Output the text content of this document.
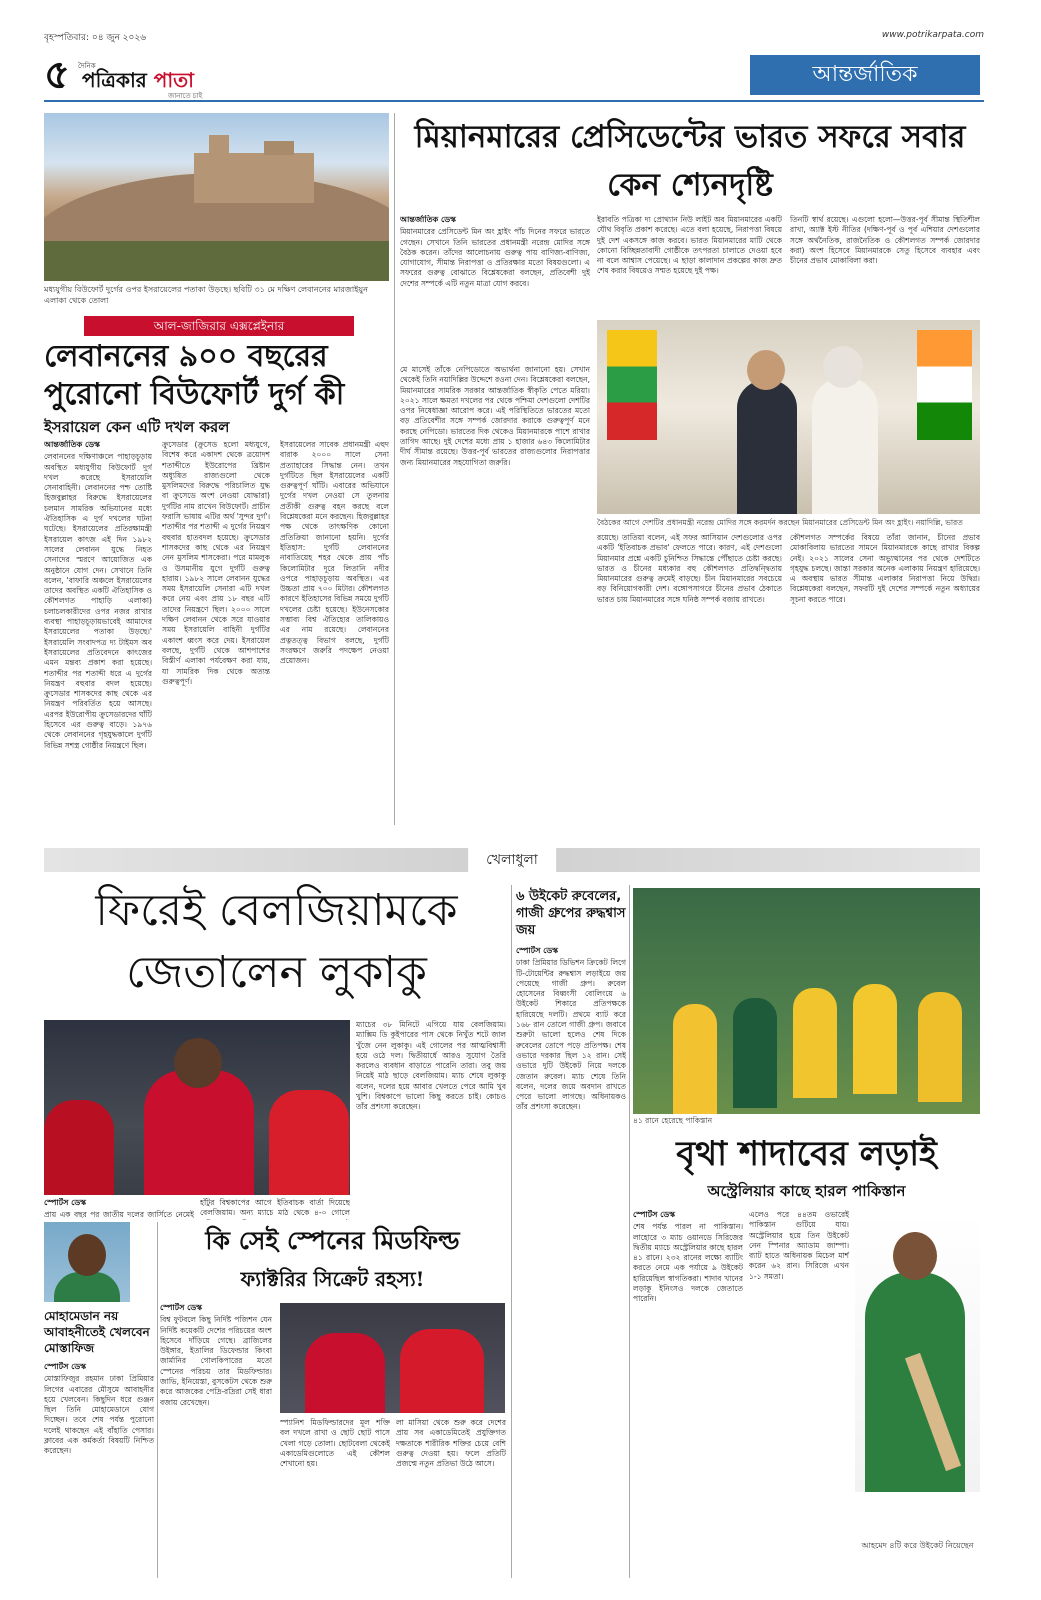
বৃহস্পতিবার: ০৪ জুন ২০২৬	www.potrikarpata.com
৫ দৈনিক
পত্রিকার পাতা
জানাতে চাই
আন্তর্জাতিক
মধ্যযুগীয় বিউফোর্ট দুর্গের ওপর ইসরায়েলের পতাকা উড়ছে। ছবিটি ৩১ মে দক্ষিণ লেবাননের মারজাইয়ুন এলাকা থেকে তোলা
আল-জাজিরার এক্সপ্লেইনার
লেবাননের ৯০০ বছরের পুরোনো বিউফোর্ট দুর্গ কী
ইসরায়েল কেন এটি দখল করল
আন্তর্জাতিক ডেস্ক
লেবাননের দক্ষিণাঞ্চলে পাহাড়চূড়ায় অবস্থিত মধ্যযুগীয় বিউফোর্ট দুর্গ দখল করেছে ইসরায়েলি সেনাবাহিনী। লেবাননের পশ্চ তোষ্টি হিজবুল্লাহর বিরুদ্ধে ইসরায়েলের চলমান সামরিক অভিযানের মধ্যে ঐতিহাসিক এ দুর্গ দখলের ঘটনা ঘটেছে। ইসরায়েলের প্রতিরক্ষামন্ত্রী ইসরায়েল কাৎজ এই দিন ১৯৮২ সালের লেবানন যুদ্ধে নিহত সেনাদের স্মরণে আয়োজিত এক অনুষ্ঠানে যোগ দেন। সেখানে তিনি বলেন, 'বাফারি অঞ্চলে ইসরায়েলের তাদের অবস্থিত একটি ঐতিহাসিক ও কৌশলগত পাহাড়ি এলাকা) চলাচলকারীদের ওপর নজর রাখার ব্যবস্থা পাহাড়চূড়ায়ভাবেই আমাদের ইসরায়েলের পতাকা উড়ছে।' ইসরায়েলি সংবাদপত্র দ্য টাইমস অব ইসরায়েলের প্রতিবেদনে কাৎজের এমন মন্তব্য প্রকাশ করা হয়েছে। শতাব্দীর পর শতাব্দী ধরে এ দুর্গের নিয়ন্ত্রণ বহুবার বদল হয়েছে। ক্রুসেডার শাসকদের কাছ থেকে এর নিয়ন্ত্রণ পরিবর্তিত হয়ে আসছে। এরপর ইউরোপীয় ক্রুসেডারদের ঘাঁটি হিসেবে এর গুরুত্ব বাড়ে। ১৯৭৬ থেকে লেবাননের গৃহযুদ্ধকালে দুর্গটি বিভিন্ন সশস্ত্র গোষ্ঠীর নিয়ন্ত্রণে ছিল।
ক্রুসেডার (ক্রুসেড হলো মধ্যযুগে, বিশেষ করে একাদশ থেকে ত্রয়োদশ শতাব্দীতে ইউরোপের খ্রিষ্টান অধ্যুষিত রাজ্যগুলো থেকে মুসলিমদের বিরুদ্ধে পরিচালিত যুদ্ধ বা ক্রুসেডে অংশ নেওয়া যোদ্ধারা) দুর্গটির নাম রাখেন বিউফোর্ট। প্রাচীন ফরাসি ভাষায় এটির অর্থ 'সুন্দর দুর্গ'। শতাব্দীর পর শতাব্দী এ দুর্গের নিয়ন্ত্রণ বহুবার হাতবদল হয়েছে। ক্রুসেডার শাসকদের কাছ থেকে এর নিয়ন্ত্রণ নেন মুসলিম শাসকেরা। পরে মামলুক ও উসমানীয় যুগে দুর্গটি গুরুত্ব হারায়। ১৯৮২ সালে লেবানন যুদ্ধের সময় ইসরায়েলি সেনারা এটি দখল করে নেয় এবং প্রায় ১৮ বছর এটি তাদের নিয়ন্ত্রণে ছিল। ২০০০ সালে দক্ষিণ লেবানন থেকে সরে যাওয়ার সময় ইসরায়েলি বাহিনী দুর্গটির একাংশ ধ্বংস করে দেয়। ইসরায়েল বলছে, দুর্গটি থেকে আশপাশের বিস্তীর্ণ এলাকা পর্যবেক্ষণ করা যায়, যা সামরিক দিক থেকে অত্যন্ত গুরুত্বপূর্ণ।
ইসরায়েলের সাবেক প্রধানমন্ত্রী এহুদ বারাক ২০০০ সালে সেনা প্রত্যাহারের সিদ্ধান্ত নেন। তখন দুর্গটিতে ছিল ইসরায়েলের একটি গুরুত্বপূর্ণ ঘাঁটি। এবারের অভিযানে দুর্গের দখল নেওয়া সে তুলনায় প্রতীকী গুরুত্ব বহন করছে বলে বিশ্লেষকেরা মনে করছেন। হিজবুল্লাহর পক্ষ থেকে তাৎক্ষণিক কোনো প্রতিক্রিয়া জানানো হয়নি। দুর্গের ইতিহাস: দুর্গটি লেবাননের নাবাতিয়েহ শহর থেকে প্রায় পাঁচ কিলোমিটার দূরে লিতানি নদীর ওপরে পাহাড়চূড়ায় অবস্থিত। এর উচ্চতা প্রায় ৭০০ মিটার। কৌশলগত কারণে ইতিহাসের বিভিন্ন সময়ে দুর্গটি দখলের চেষ্টা হয়েছে। ইউনেসকোর সম্ভাব্য বিশ্ব ঐতিহ্যের তালিকায়ও এর নাম রয়েছে। লেবাননের প্রত্নতত্ত্ব বিভাগ বলছে, দুর্গটি সংরক্ষণে জরুরি পদক্ষেপ নেওয়া প্রয়োজন।
মিয়ানমারের প্রেসিডেন্টের ভারত সফরে সবার কেন শ্যেনদৃষ্টি
আন্তর্জাতিক ডেস্ক
মিয়ানমারের প্রেসিডেন্ট মিন অং হ্লাইং পাঁচ দিনের সফরে ভারতে গেছেন। সেখানে তিনি ভারতের প্রধানমন্ত্রী নরেন্দ্র মোদির সঙ্গে বৈঠক করেন। তাঁদের আলোচনায় গুরুত্ব পায় বাণিজ্য-বাণিজ্য, যোগাযোগ, সীমান্ত নিরাপত্তা ও প্রতিরক্ষার মতো বিষয়গুলো। এ সফরের গুরুত্ব বোঝাতে বিশ্লেষকেরা বলছেন, প্রতিবেশী দুই দেশের সম্পর্কে এটি নতুন মাত্রা যোগ করবে।
ইরাবতি পত্রিকা দ্য প্রোথ্যান নিউ লাইট অব মিয়ানমারের একটি যৌথ বিবৃতি প্রকাশ করেছে। এতে বলা হয়েছে, নিরাপত্তা বিষয়ে দুই দেশ একসঙ্গে কাজ করবে। ভারত মিয়ানমারের মাটি থেকে কোনো বিচ্ছিন্নতাবাদী গোষ্ঠীকে তৎপরতা চালাতে দেওয়া হবে না বলে আশ্বাস পেয়েছে। এ ছাড়া কালাদান প্রকল্পের কাজ দ্রুত শেষ করার বিষয়েও সম্মত হয়েছে দুই পক্ষ।
তিনটি স্বার্থ রয়েছে। এগুলো হলো—উত্তর-পূর্ব সীমান্ত স্থিতিশীল রাখা, অ্যাক্ট ইস্ট নীতির (দক্ষিণ-পূর্ব ও পূর্ব এশিয়ার দেশগুলোর সঙ্গে অর্থনৈতিক, রাজনৈতিক ও কৌশলগত সম্পর্ক জোরদার করা) অংশ হিসেবে মিয়ানমারকে সেতু হিসেবে ব্যবহার এবং চীনের প্রভাব মোকাবিলা করা।
বৈঠকের আগে দেশটির প্রধানমন্ত্রী নরেন্দ্র মোদির সঙ্গে করমর্দন করছেন মিয়ানমারের প্রেসিডেন্ট মিন অং হ্লাইং। নয়াদিল্লি, ভারত
মে মাসেই তাঁকে নেপিডোতে অভ্যর্থনা জানানো হয়। সেখান থেকেই তিনি নয়াদিল্লির উদ্দেশে রওনা দেন। বিশ্লেষকেরা বলছেন, মিয়ানমারের সামরিক সরকার আন্তর্জাতিক স্বীকৃতি পেতে মরিয়া। ২০২১ সালে ক্ষমতা দখলের পর থেকে পশ্চিমা দেশগুলো দেশটির ওপর নিষেধাজ্ঞা আরোপ করে। এই পরিস্থিতিতে ভারতের মতো বড় প্রতিবেশীর সঙ্গে সম্পর্ক জোরদার করাকে গুরুত্বপূর্ণ মনে করছে নেপিডো। ভারতের দিক থেকেও মিয়ানমারকে পাশে রাখার তাগিদ আছে। দুই দেশের মধ্যে প্রায় ১ হাজার ৬৪৩ কিলোমিটার দীর্ঘ সীমান্ত রয়েছে। উত্তর-পূর্ব ভারতের রাজ্যগুলোর নিরাপত্তার জন্য মিয়ানমারের সহযোগিতা জরুরি।
রয়েছে। তাতিয়া বলেন, এই সফর আসিয়ান দেশগুলোর ওপর একটি 'ইতিবাচক প্রভাব' ফেলতে পারে। কারণ, এই দেশগুলো মিয়ানমার প্রশ্নে একটি চুনিশ্চিত সিদ্ধান্তে পৌঁছাতে চেষ্টা করছে। ভারত ও চীনের মধ্যকার বহু কৌশলগত প্রতিদ্বন্দ্বিতায় মিয়ানমারের গুরুত্ব ক্রমেই বাড়ছে। চীন মিয়ানমারের সবচেয়ে বড় বিনিয়োগকারী দেশ। বঙ্গোপসাগরে চীনের প্রভাব ঠেকাতে ভারত চায় মিয়ানমারের সঙ্গে ঘনিষ্ঠ সম্পর্ক বজায় রাখতে।
কৌশলগত সম্পর্কের বিষয়ে তাঁরা জানান, চীনের প্রভাব মোকাবিলায় ভারতের সামনে মিয়ানমারকে কাছে রাখার বিকল্প নেই। ২০২১ সালের সেনা অভ্যুত্থানের পর থেকে দেশটিতে গৃহযুদ্ধ চলছে। জান্তা সরকার অনেক এলাকায় নিয়ন্ত্রণ হারিয়েছে। এ অবস্থায় ভারত সীমান্ত এলাকার নিরাপত্তা নিয়ে উদ্বিগ্ন। বিশ্লেষকেরা বলছেন, সফরটি দুই দেশের সম্পর্কে নতুন অধ্যায়ের সূচনা করতে পারে।
খেলাধুলা
ফিরেই বেলজিয়ামকে জেতালেন লুকাকু
ম্যাচের ৩৮ মিনিটে এগিয়ে যায় বেলজিয়াম। ম্যাক্সিম ডি কুইপারের পাস থেকে নিখুঁত শটে জাল খুঁজে নেন লুকাকু। এই গোলের পর আত্মবিশ্বাসী হয়ে ওঠে দল। দ্বিতীয়ার্ধে আরও সুযোগ তৈরি করলেও ব্যবধান বাড়াতে পারেনি তারা। তবু জয় নিয়েই মাঠ ছাড়ে বেলজিয়াম। ম্যাচ শেষে লুকাকু বলেন, দলের হয়ে আবার খেলতে পেরে আমি খুব খুশি। বিশ্বকাপে ভালো কিছু করতে চাই। কোচও তাঁর প্রশংসা করেছেন।
স্পোর্টস ডেস্ক
প্রায় এক বছর পর জাতীয় দলের জার্সিতে নেমেই
হাঁটুর বিশ্বকাপের আগে ইতিবাচক বার্তা দিয়েছে বেলজিয়াম। অন্য ম্যাচে মাঠ থেকে ৪-০ গোলে
৬ উইকেট রুবেলের, গাজী গ্রুপের রুদ্ধশ্বাস জয়
স্পোর্টস ডেস্ক
ঢাকা প্রিমিয়ার ডিভিশন ক্রিকেট লিগে টি-টোয়েন্টির রুদ্ধশ্বাস লড়াইয়ে জয় পেয়েছে গাজী গ্রুপ। রুবেল হোসেনের বিধ্বংসী বোলিংয়ে ৬ উইকেট শিকারে প্রতিপক্ষকে হারিয়েছে দলটি। প্রথমে ব্যাট করে ১৬৮ রান তোলে গাজী গ্রুপ। জবাবে শুরুটা ভালো হলেও শেষ দিকে রুবেলের তোপে পড়ে প্রতিপক্ষ। শেষ ওভারে দরকার ছিল ১২ রান। সেই ওভারে দুটি উইকেট নিয়ে দলকে জেতান রুবেল। ম্যাচ শেষে তিনি বলেন, দলের জয়ে অবদান রাখতে পেরে ভালো লাগছে। অধিনায়কও তাঁর প্রশংসা করেছেন।
৪১ রানে হেরেছে পাকিস্তান
বৃথা শাদাবের লড়াই
অস্ট্রেলিয়ার কাছে হারল পাকিস্তান
স্পোর্টস ডেস্ক
শেষ পর্যন্ত পারল না পাকিস্তান। লাহোরে ৩ ম্যাচ ওয়ানডে সিরিজের দ্বিতীয় ম্যাচে অস্ট্রেলিয়ার কাছে হারল ৪১ রানে। ২৩২ রানের লক্ষ্যে ব্যাটিং করতে নেমে এক পর্যায়ে ৯ উইকেট হারিয়েছিল স্বাগতিকরা। শাদাব খানের লড়াকু ইনিংসও দলকে জেতাতে পারেনি।
এলেও পরে ৪৪তম ওভারেই পাকিস্তান গুটিয়ে যায়। অস্ট্রেলিয়ার হয়ে তিন উইকেট নেন স্পিনার অ্যাডাম জাম্পা। ব্যাট হাতে অধিনায়ক মিচেল মার্শ করেন ৬২ রান। সিরিজে এখন ১-১ সমতা।
আহমেদ ৪টি করে উইকেট নিয়েছেন
মোহামেডান নয় আবাহনীতেই খেলবেন মোস্তাফিজ
স্পোর্টস ডেস্ক
মোস্তাফিজুর রহমান ঢাকা প্রিমিয়ার লিগের এবারের মৌসুমে আবাহনীর হয়ে খেলবেন। কিছুদিন ধরে গুঞ্জন ছিল তিনি মোহামেডানে যোগ দিচ্ছেন। তবে শেষ পর্যন্ত পুরোনো দলেই থাকছেন এই বাঁহাতি পেসার। ক্লাবের এক কর্মকর্তা বিষয়টি নিশ্চিত করেছেন।
কি সেই স্পেনের মিডফিল্ড
ফ্যাক্টরির সিক্রেট রহস্য!
স্পোর্টস ডেস্ক
বিশ্ব ফুটবলে কিছু নির্দিষ্ট পজিশন যেন নির্দিষ্ট কয়েকটি দেশের পরিচয়ের অংশ হিসেবে দাঁড়িয়ে গেছে। ব্রাজিলের উইঙ্গার, ইতালির ডিফেন্ডার কিংবা জার্মানির গোলকিপারের মতো স্পেনের পরিচয় তার মিডফিল্ডার। জাভি, ইনিয়েস্তা, বুসকেটস থেকে শুরু করে আজকের পেদ্রি-রদ্রিরা সেই ধারা বজায় রেখেছেন।
স্প্যানিশ মিডফিল্ডারদের মূল শক্তি বল দখলে রাখা ও ছোট ছোট পাসে খেলা গড়ে তোলা। ছোটবেলা থেকেই একাডেমিগুলোতে এই কৌশল শেখানো হয়।
লা মাসিয়া থেকে শুরু করে দেশের প্রায় সব একাডেমিতেই প্রযুক্তিগত দক্ষতাকে শারীরিক শক্তির চেয়ে বেশি গুরুত্ব দেওয়া হয়। ফলে প্রতিটি প্রজন্মে নতুন প্রতিভা উঠে আসে।
